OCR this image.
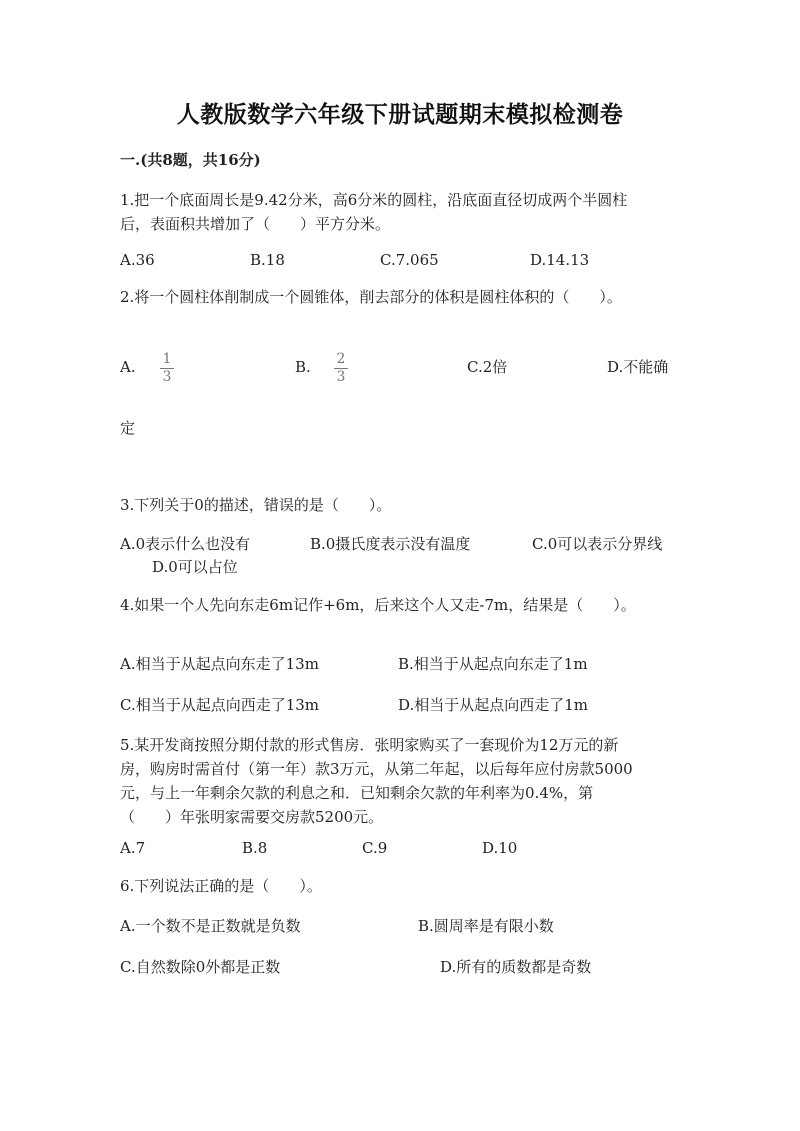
人教版数学六年级下册试题期末模拟检测卷
一.(共8题，共16分)
1.把一个底面周长是9.42分米，高6分米的圆柱，沿底面直径切成两个半圆柱
后，表面积共增加了（　　）平方分米。
A.36	B.18	C.7.065	D.14.13
2.将一个圆柱体削制成一个圆锥体，削去部分的体积是圆柱体积的（　　）。
A.	1
3
B.	2
3
C.2倍	D.不能确
定
3.下列关于0的描述，错误的是（　　）。
A.0表示什么也没有	B.0摄氏度表示没有温度	C.0可以表示分界线
D.0可以占位
4.如果一个人先向东走6m记作+6m，后来这个人又走-7m，结果是（　　）。
A.相当于从起点向东走了13m	B.相当于从起点向东走了1m
C.相当于从起点向西走了13m	D.相当于从起点向西走了1m
5.某开发商按照分期付款的形式售房．张明家购买了一套现价为12万元的新
房，购房时需首付（第一年）款3万元，从第二年起，以后每年应付房款5000
元，与上一年剩余欠款的利息之和．已知剩余欠款的年利率为0.4%，第
（　　）年张明家需要交房款5200元。
A.7	B.8	C.9	D.10
6.下列说法正确的是（　　）。
A.一个数不是正数就是负数	B.圆周率是有限小数
C.自然数除0外都是正数	D.所有的质数都是奇数
